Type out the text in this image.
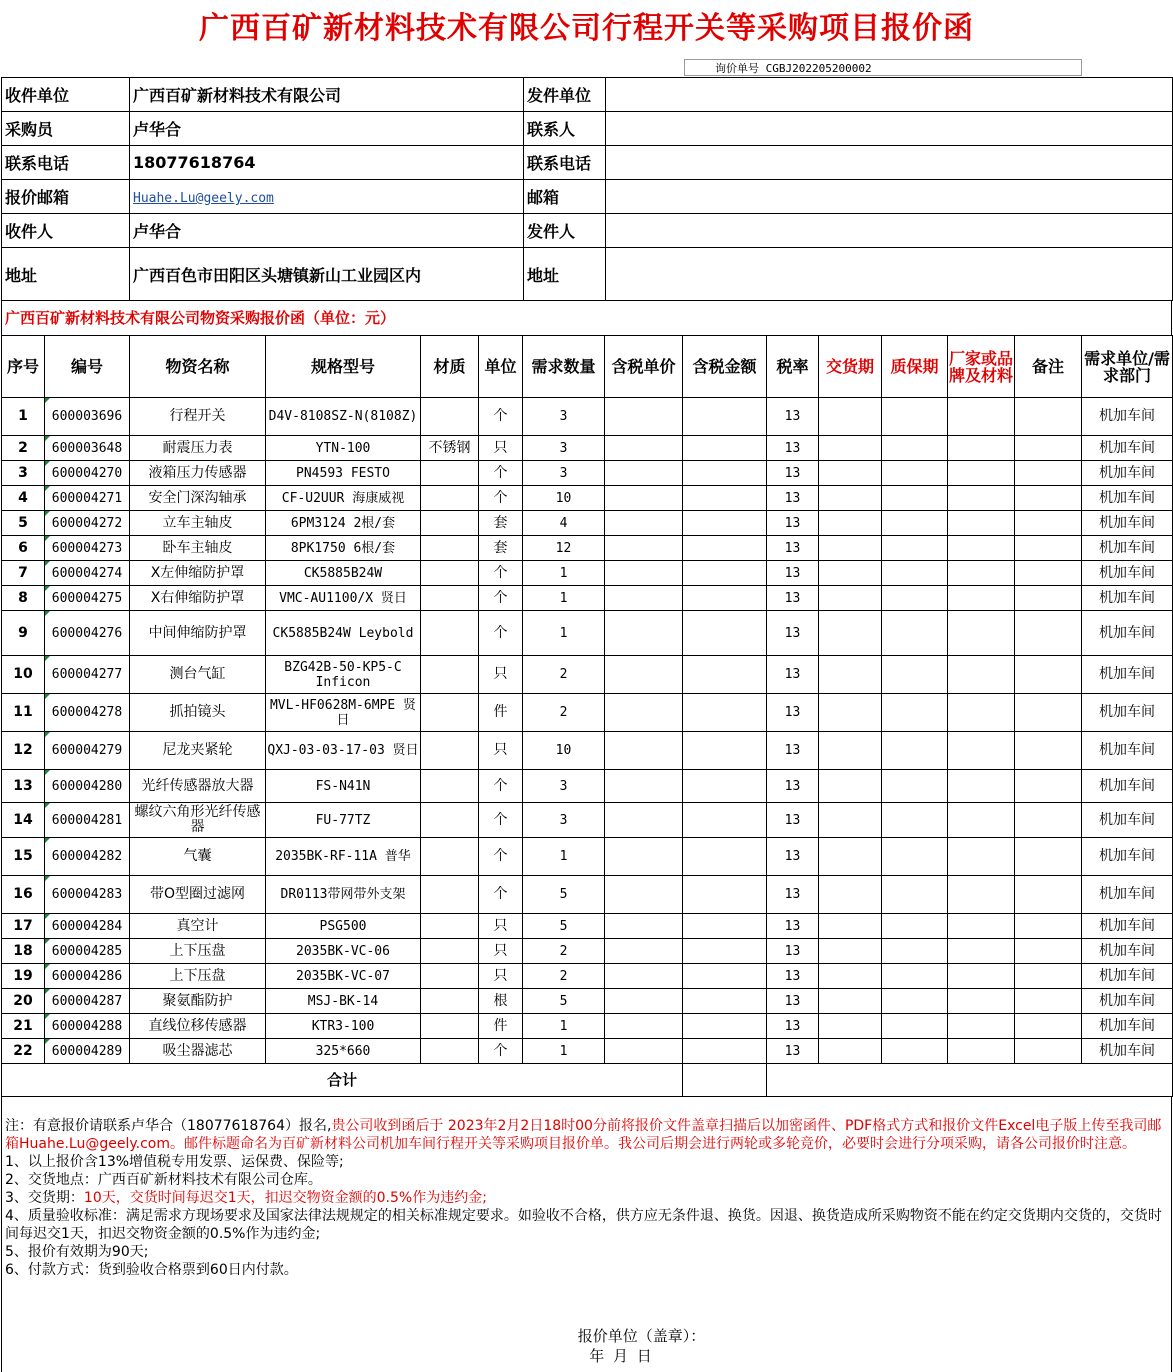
广西百矿新材料技术有限公司行程开关等采购项目报价函
询价单号 CGBJ202205200002
收件单位	广西百矿新材料技术有限公司	发件单位	
采购员	卢华合	联系人	
联系电话	18077618764	联系电话	
报价邮箱	Huahe.Lu@geely.com	邮箱	
收件人	卢华合	发件人	
地址	广西百色市田阳区头塘镇新山工业园区内	地址	
广西百矿新材料技术有限公司物资采购报价函（单位：元）
序号	编号	物资名称	规格型号	材质	单位	需求数量	含税单价	含税金额	税率	交货期	质保期	厂家或品牌及材料	备注	需求单位/需求部门
1	600003696	行程开关	D4V-8108SZ-N(8108Z)		个	3			13					机加车间
2	600003648	耐震压力表	YTN-100	不锈钢	只	3			13					机加车间
3	600004270	液箱压力传感器	PN4593 FESTO		个	3			13					机加车间
4	600004271	安全门深沟轴承	CF-U2UUR 海康威视		个	10			13					机加车间
5	600004272	立车主轴皮	6PM3124 2根/套		套	4			13					机加车间
6	600004273	卧车主轴皮	8PK1750 6根/套		套	12			13					机加车间
7	600004274	X左伸缩防护罩	CK5885B24W		个	1			13					机加车间
8	600004275	X右伸缩防护罩	VMC-AU1100/X 贤日		个	1			13					机加车间
9	600004276	中间伸缩防护罩	CK5885B24W Leybold		个	1			13					机加车间
10	600004277	测台气缸	BZG42B-50-KP5-C Inficon		只	2			13					机加车间
11	600004278	抓拍镜头	MVL-HF0628M-6MPE 贤日		件	2			13					机加车间
12	600004279	尼龙夹紧轮	QXJ-03-03-17-03 贤日		只	10			13					机加车间
13	600004280	光纤传感器放大器	FS-N41N		个	3			13					机加车间
14	600004281	螺纹六角形光纤传感器	FU-77TZ		个	3			13					机加车间
15	600004282	气囊	2035BK-RF-11A 普华		个	1			13					机加车间
16	600004283	带O型圈过滤网	DR0113带网带外支架		个	5			13					机加车间
17	600004284	真空计	PSG500		只	5			13					机加车间
18	600004285	上下压盘	2035BK-VC-06		只	2			13					机加车间
19	600004286	上下压盘	2035BK-VC-07		只	2			13					机加车间
20	600004287	聚氨酯防护	MSJ-BK-14		根	5			13					机加车间
21	600004288	直线位移传感器	KTR3-100		件	1			13					机加车间
22	600004289	吸尘器滤芯	325*660		个	1			13					机加车间
合计														

注：有意报价请联系卢华合（18077618764）报名,贵公司收到函后于 2023年2月2日18时00分前将报价文件盖章扫描后以加密函件、PDF格式方式和报价文件Excel电子版上传至我司邮箱Huahe.Lu@geely.com。邮件标题命名为百矿新材料公司机加车间行程开关等采购项目报价单。我公司后期会进行两轮或多轮竞价，必要时会进行分项采购，请各公司报价时注意。

1、以上报价含13%增值税专用发票、运保费、保险等;

2、交货地点：广西百矿新材料技术有限公司仓库。

3、交货期：10天，交货时间每迟交1天，扣迟交物资金额的0.5%作为违约金;

4、质量验收标准：满足需求方现场要求及国家法律法规规定的相关标准规定要求。如验收不合格，供方应无条件退、换货。因退、换货造成所采购物资不能在约定交货期内交货的，交货时间每迟交1天，扣迟交物资金额的0.5%作为违约金;

5、报价有效期为90天;

6、付款方式：货到验收合格票到60日内付款。

报价单位（盖章）：
年 月 日
